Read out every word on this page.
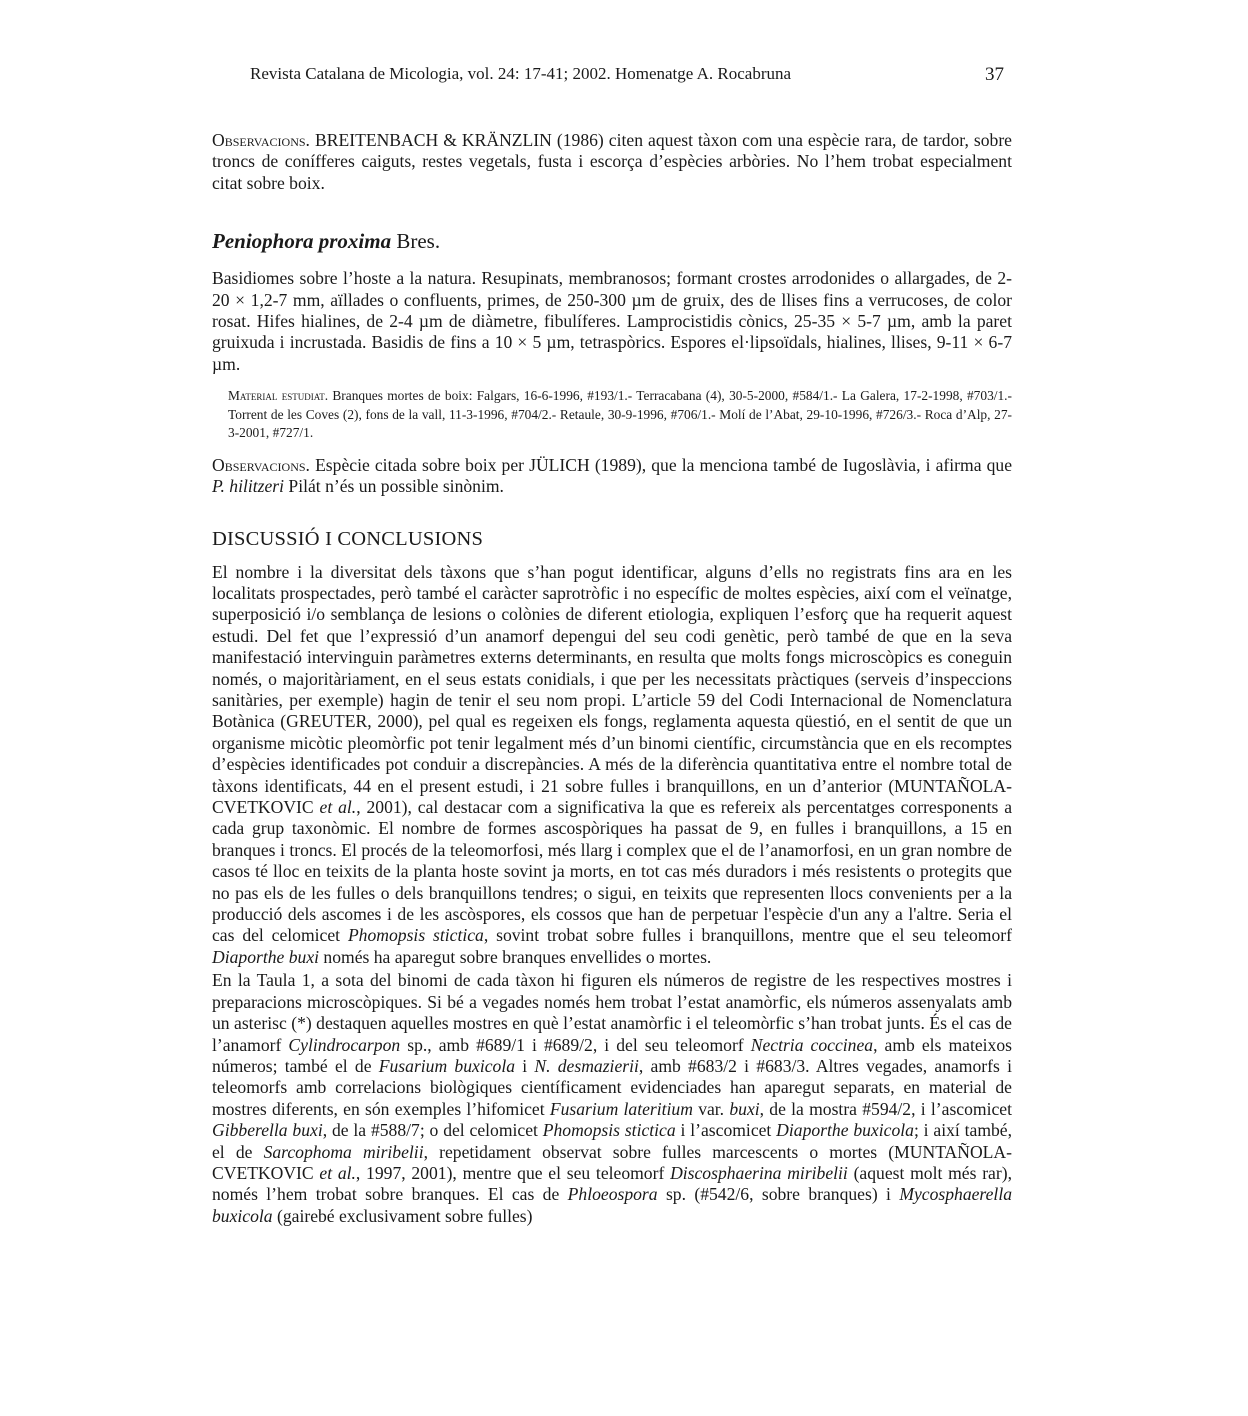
Revista Catalana de Micologia, vol. 24: 17-41; 2002. Homenatge A. Rocabruna	37

Observacions. BREITENBACH & KRÄNZLIN (1986) citen aquest tàxon com una espècie rara, de tardor, sobre troncs de conífferes caiguts, restes vegetals, fusta i escorça d’espècies arbòries. No l’hem trobat especialment citat sobre boix.

Peniophora proxima Bres.

Basidiomes sobre l’hoste a la natura. Resupinats, membranosos; formant crostes arrodonides o allargades, de 2-20 × 1,2-7 mm, aïllades o confluents, primes, de 250-300 µm de gruix, des de llises fins a verrucoses, de color rosat. Hifes hialines, de 2-4 µm de diàmetre, fibulíferes. Lamprocistidis cònics, 25-35 × 5-7 µm, amb la paret gruixuda i incrustada. Basidis de fins a 10 × 5 µm, tetraspòrics. Espores el·lipsoïdals, hialines, llises, 9-11 × 6-7 µm.

Material estudiat. Branques mortes de boix: Falgars, 16-6-1996, #193/1.- Terracabana (4), 30-5-2000, #584/1.- La Galera, 17-2-1998, #703/1.- Torrent de les Coves (2), fons de la vall, 11-3-1996, #704/2.- Retaule, 30-9-1996, #706/1.- Molí de l’Abat, 29-10-1996, #726/3.- Roca d’Alp, 27-3-2001, #727/1.

Observacions. Espècie citada sobre boix per JÜLICH (1989), que la menciona també de Iugoslàvia, i afirma que P. hilitzeri Pilát n’és un possible sinònim.

DISCUSSIÓ I CONCLUSIONS

El nombre i la diversitat dels tàxons que s’han pogut identificar, alguns d’ells no registrats fins ara en les localitats prospectades, però també el caràcter saprotròfic i no específic de moltes espècies, així com el veïnatge, superposició i/o semblança de lesions o colònies de diferent etiologia, expliquen l’esforç que ha requerit aquest estudi. Del fet que l’expressió d’un anamorf depengui del seu codi genètic, però també de que en la seva manifestació intervinguin paràmetres externs determinants, en resulta que molts fongs microscòpics es coneguin només, o majoritàriament, en el seus estats conidials, i que per les necessitats pràctiques (serveis d’inspeccions sanitàries, per exemple) hagin de tenir el seu nom propi. L’article 59 del Codi Internacional de Nomenclatura Botànica (GREUTER, 2000), pel qual es regeixen els fongs, reglamenta aquesta qüestió, en el sentit de que un organisme micòtic pleomòrfic pot tenir legalment més d’un binomi científic, circumstància que en els recomptes d’espècies identificades pot conduir a discrepàncies. A més de la diferència quantitativa entre el nombre total de tàxons identificats, 44 en el present estudi, i 21 sobre fulles i branquillons, en un d’anterior (MUNTAÑOLA-CVETKOVIC et al., 2001), cal destacar com a significativa la que es refereix als percentatges corresponents a cada grup taxonòmic. El nombre de formes ascospòriques ha passat de 9, en fulles i branquillons, a 15 en branques i troncs. El procés de la teleomorfosi, més llarg i complex que el de l’anamorfosi, en un gran nombre de casos té lloc en teixits de la planta hoste sovint ja morts, en tot cas més duradors i més resistents o protegits que no pas els de les fulles o dels branquillons tendres; o sigui, en teixits que representen llocs convenients per a la producció dels ascomes i de les ascòspores, els cossos que han de perpetuar l'espècie d'un any a l'altre. Seria el cas del celomicet Phomopsis stictica, sovint trobat sobre fulles i branquillons, mentre que el seu teleomorf Diaporthe buxi només ha aparegut sobre branques envellides o mortes.

En la Taula 1, a sota del binomi de cada tàxon hi figuren els números de registre de les respectives mostres i preparacions microscòpiques. Si bé a vegades només hem trobat l’estat anamòrfic, els números assenyalats amb un asterisc (*) destaquen aquelles mostres en què l’estat anamòrfic i el teleomòrfic s’han trobat junts. És el cas de l’anamorf Cylindrocarpon sp., amb #689/1 i #689/2, i del seu teleomorf Nectria coccinea, amb els mateixos números; també el de Fusarium buxicola i N. desmazierii, amb #683/2 i #683/3. Altres vegades, anamorfs i teleomorfs amb correlacions biològiques científicament evidenciades han aparegut separats, en material de mostres diferents, en són exemples l’hifomicet Fusarium lateritium var. buxi, de la mostra #594/2, i l’ascomicet Gibberella buxi, de la #588/7; o del celomicet Phomopsis stictica i l’ascomicet Diaporthe buxicola; i així també, el de Sarcophoma miribelii, repetidament observat sobre fulles marcescents o mortes (MUNTAÑOLA-CVETKOVIC et al., 1997, 2001), mentre que el seu teleomorf Discosphaerina miribelii (aquest molt més rar), només l’hem trobat sobre branques. El cas de Phloeospora sp. (#542/6, sobre branques) i Mycosphaerella buxicola (gairebé exclusivament sobre fulles)
